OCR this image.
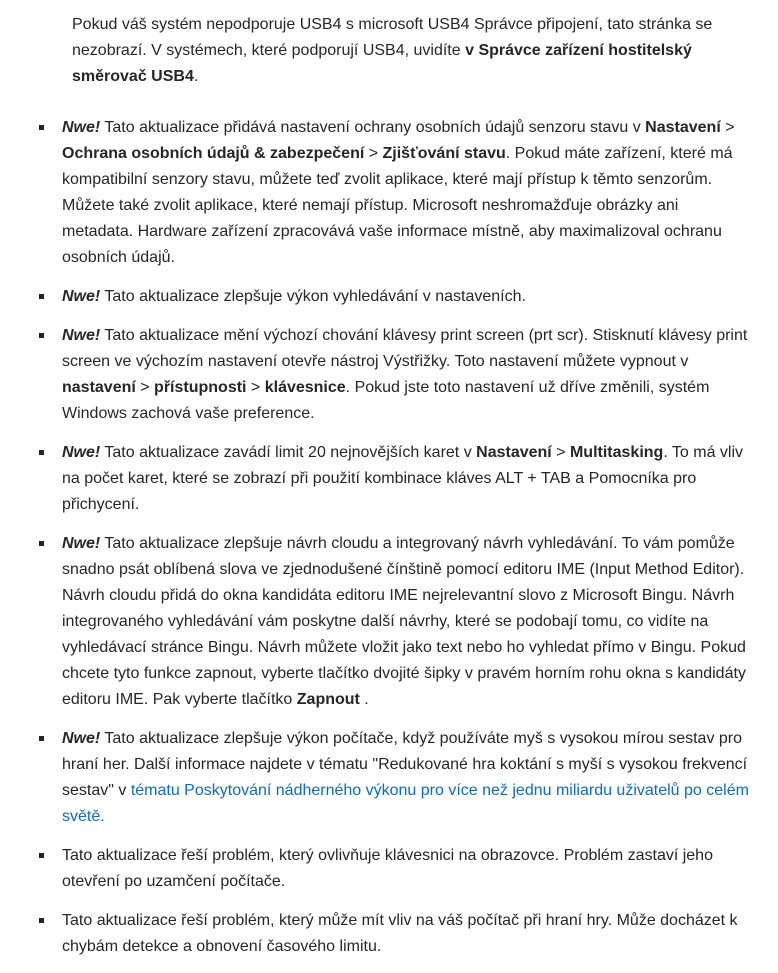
Pokud váš systém nepodporuje USB4 s microsoft USB4 Správce připojení, tato stránka se nezobrazí. V systémech, které podporují USB4, uvidíte v Správce zařízení hostitelský směrovač USB4.

Nwe! Tato aktualizace přidává nastavení ochrany osobních údajů senzoru stavu v Nastavení > Ochrana osobních údajů & zabezpečení > Zjišťování stavu. Pokud máte zařízení, které má kompatibilní senzory stavu, můžete teď zvolit aplikace, které mají přístup k těmto senzorům. Můžete také zvolit aplikace, které nemají přístup. Microsoft neshromažďuje obrázky ani metadata. Hardware zařízení zpracovává vaše informace místně, aby maximalizoval ochranu osobních údajů.
Nwe! Tato aktualizace zlepšuje výkon vyhledávání v nastaveních.
Nwe! Tato aktualizace mění výchozí chování klávesy print screen (prt scr). Stisknutí klávesy print screen ve výchozím nastavení otevře nástroj Výstřižky. Toto nastavení můžete vypnout v nastavení > přístupnosti > klávesnice. Pokud jste toto nastavení už dříve změnili, systém Windows zachová vaše preference.
Nwe! Tato aktualizace zavádí limit 20 nejnovějších karet v Nastavení > Multitasking. To má vliv na počet karet, které se zobrazí při použití kombinace kláves ALT + TAB a Pomocníka pro přichycení.
Nwe! Tato aktualizace zlepšuje návrh cloudu a integrovaný návrh vyhledávání. To vám pomůže snadno psát oblíbená slova ve zjednodušené čínštině pomocí editoru IME (Input Method Editor). Návrh cloudu přidá do okna kandidáta editoru IME nejrelevantní slovo z Microsoft Bingu. Návrh integrovaného vyhledávání vám poskytne další návrhy, které se podobají tomu, co vidíte na vyhledávací stránce Bingu. Návrh můžete vložit jako text nebo ho vyhledat přímo v Bingu. Pokud chcete tyto funkce zapnout, vyberte tlačítko dvojité šipky v pravém horním rohu okna s kandidáty editoru IME. Pak vyberte tlačítko Zapnout .
Nwe! Tato aktualizace zlepšuje výkon počítače, když používáte myš s vysokou mírou sestav pro hraní her. Další informace najdete v tématu "Redukované hra koktání s myší s vysokou frekvencí sestav" v tématu Poskytování nádherného výkonu pro více než jednu miliardu uživatelů po celém světě.
Tato aktualizace řeší problém, který ovlivňuje klávesnici na obrazovce. Problém zastaví jeho otevření po uzamčení počítače.
Tato aktualizace řeší problém, který může mít vliv na váš počítač při hraní hry. Může docházet k chybám detekce a obnovení časového limitu.
